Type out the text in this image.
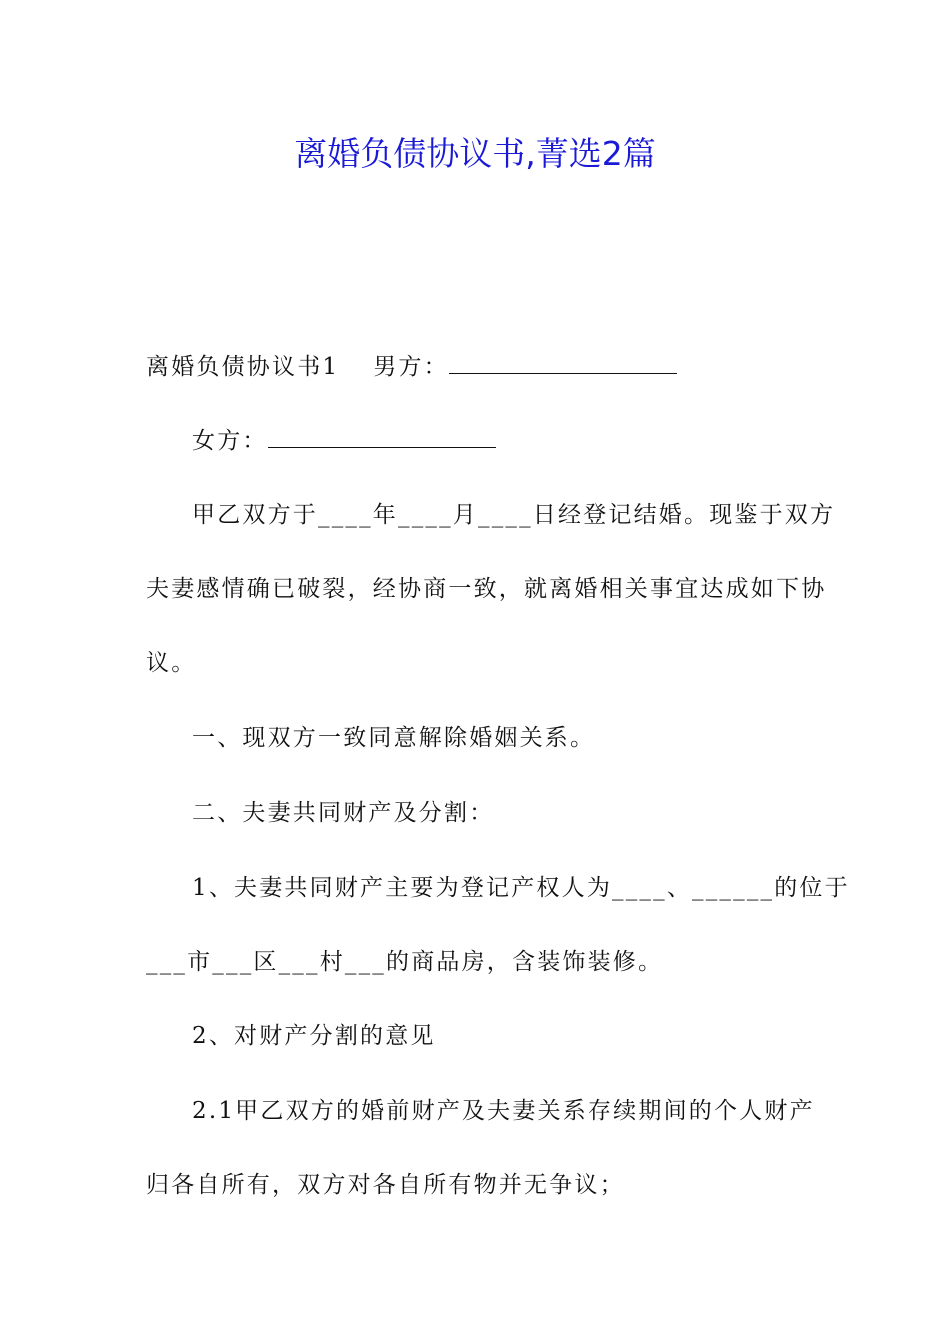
离婚负债协议书,菁选2篇
离婚负债协议书1 男方：
女方：
甲乙双方于____年____月____日经登记结婚。现鉴于双方
夫妻感情确已破裂，经协商一致，就离婚相关事宜达成如下协
议。
一、现双方一致同意解除婚姻关系。
二、夫妻共同财产及分割：
1、夫妻共同财产主要为登记产权人为____、______的位于
___市___区___村___的商品房，含装饰装修。
2、对财产分割的意见
2.1甲乙双方的婚前财产及夫妻关系存续期间的个人财产
归各自所有，双方对各自所有物并无争议；
